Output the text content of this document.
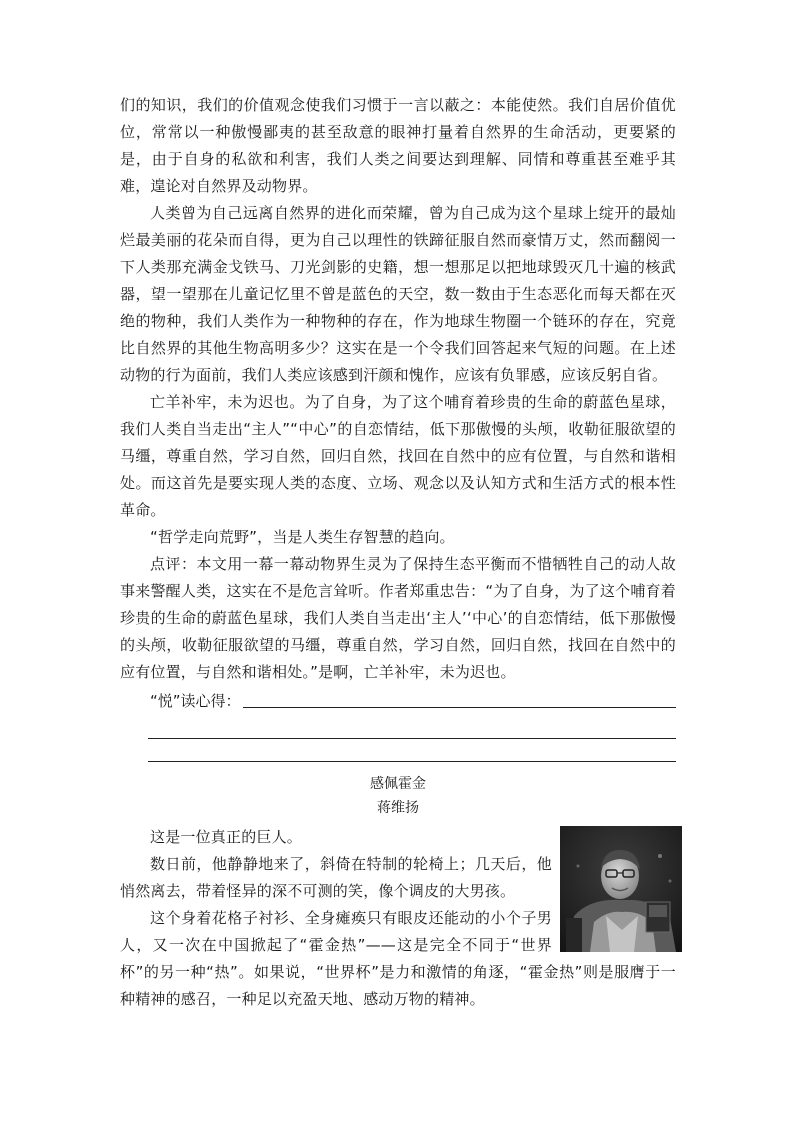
们的知识，我们的价值观念使我们习惯于一言以蔽之：本能使然。我们自居价值优位，常常以一种傲慢鄙夷的甚至敌意的眼神打量着自然界的生命活动，更要紧的是，由于自身的私欲和利害，我们人类之间要达到理解、同情和尊重甚至难乎其难，遑论对自然界及动物界。

人类曾为自己远离自然界的进化而荣耀，曾为自己成为这个星球上绽开的最灿烂最美丽的花朵而自得，更为自己以理性的铁蹄征服自然而豪情万丈，然而翻阅一下人类那充满金戈铁马、刀光剑影的史籍，想一想那足以把地球毁灭几十遍的核武器，望一望那在儿童记忆里不曾是蓝色的天空，数一数由于生态恶化而每天都在灭绝的物种，我们人类作为一种物种的存在，作为地球生物圈一个链环的存在，究竟比自然界的其他生物高明多少？这实在是一个令我们回答起来气短的问题。在上述动物的行为面前，我们人类应该感到汗颜和愧作，应该有负罪感，应该反躬自省。

亡羊补牢，未为迟也。为了自身，为了这个哺育着珍贵的生命的蔚蓝色星球，我们人类自当走出“主人”“中心”的自恋情结，低下那傲慢的头颅，收勒征服欲望的马缰，尊重自然，学习自然，回归自然，找回在自然中的应有位置，与自然和谐相处。而这首先是要实现人类的态度、立场、观念以及认知方式和生活方式的根本性革命。

“哲学走向荒野”，当是人类生存智慧的趋向。

点评：本文用一幕一幕动物界生灵为了保持生态平衡而不惜牺牲自己的动人故事来警醒人类，这实在不是危言耸听。作者郑重忠告：“为了自身，为了这个哺育着珍贵的生命的蔚蓝色星球，我们人类自当走出‘主人’‘中心’的自恋情结，低下那傲慢的头颅，收勒征服欲望的马缰，尊重自然，学习自然，回归自然，找回在自然中的应有位置，与自然和谐相处。”是啊，亡羊补牢，未为迟也。

“悦”读心得：

感佩霍金

蒋维扬

这是一位真正的巨人。

数日前，他静静地来了，斜倚在特制的轮椅上；几天后，他悄然离去，带着怪异的深不可测的笑，像个调皮的大男孩。

这个身着花格子衬衫、全身瘫痪只有眼皮还能动的小个子男人，又一次在中国掀起了“霍金热”——这是完全不同于“世界杯”的另一种“热”。如果说，“世界杯”是力和激情的角逐，“霍金热”则是服膺于一种精神的感召，一种足以充盈天地、感动万物的精神。
